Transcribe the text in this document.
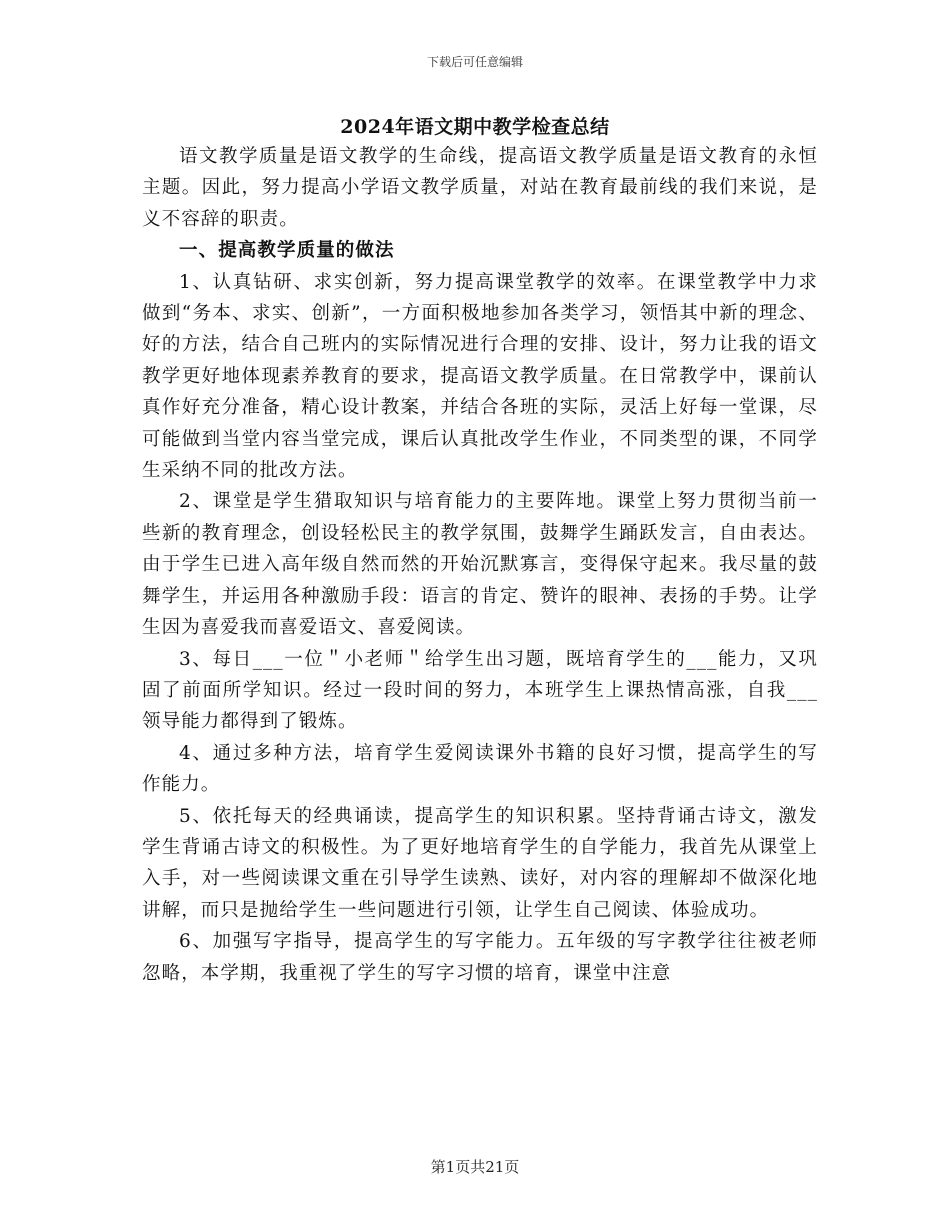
下载后可任意编辑
2024年语文期中教学检查总结

语文教学质量是语文教学的生命线，提高语文教学质量是语文教育的永恒主题。因此，努力提高小学语文教学质量，对站在教育最前线的我们来说，是义不容辞的职责。

一、提高教学质量的做法

1、认真钻研、求实创新，努力提高课堂教学的效率。在课堂教学中力求做到“务本、求实、创新”，一方面积极地参加各类学习，领悟其中新的理念、好的方法，结合自己班内的实际情况进行合理的安排、设计，努力让我的语文教学更好地体现素养教育的要求，提高语文教学质量。在日常教学中，课前认真作好充分准备，精心设计教案，并结合各班的实际，灵活上好每一堂课，尽可能做到当堂内容当堂完成，课后认真批改学生作业，不同类型的课，不同学生采纳不同的批改方法。

2、课堂是学生猎取知识与培育能力的主要阵地。课堂上努力贯彻当前一些新的教育理念，创设轻松民主的教学氛围，鼓舞学生踊跃发言，自由表达。由于学生已进入高年级自然而然的开始沉默寡言，变得保守起来。我尽量的鼓舞学生，并运用各种激励手段：语言的肯定、赞许的眼神、表扬的手势。让学生因为喜爱我而喜爱语文、喜爱阅读。

3、每日___一位＂小老师＂给学生出习题，既培育学生的___能力，又巩固了前面所学知识。经过一段时间的努力，本班学生上课热情高涨，自我___领导能力都得到了锻炼。

4、通过多种方法，培育学生爱阅读课外书籍的良好习惯，提高学生的写作能力。

5、依托每天的经典诵读，提高学生的知识积累。坚持背诵古诗文，激发学生背诵古诗文的积极性。为了更好地培育学生的自学能力，我首先从课堂上入手，对一些阅读课文重在引导学生读熟、读好，对内容的理解却不做深化地讲解，而只是抛给学生一些问题进行引领，让学生自己阅读、体验成功。

6、加强写字指导，提高学生的写字能力。五年级的写字教学往往被老师忽略，本学期，我重视了学生的写字习惯的培育，课堂中注意

第1页共21页
